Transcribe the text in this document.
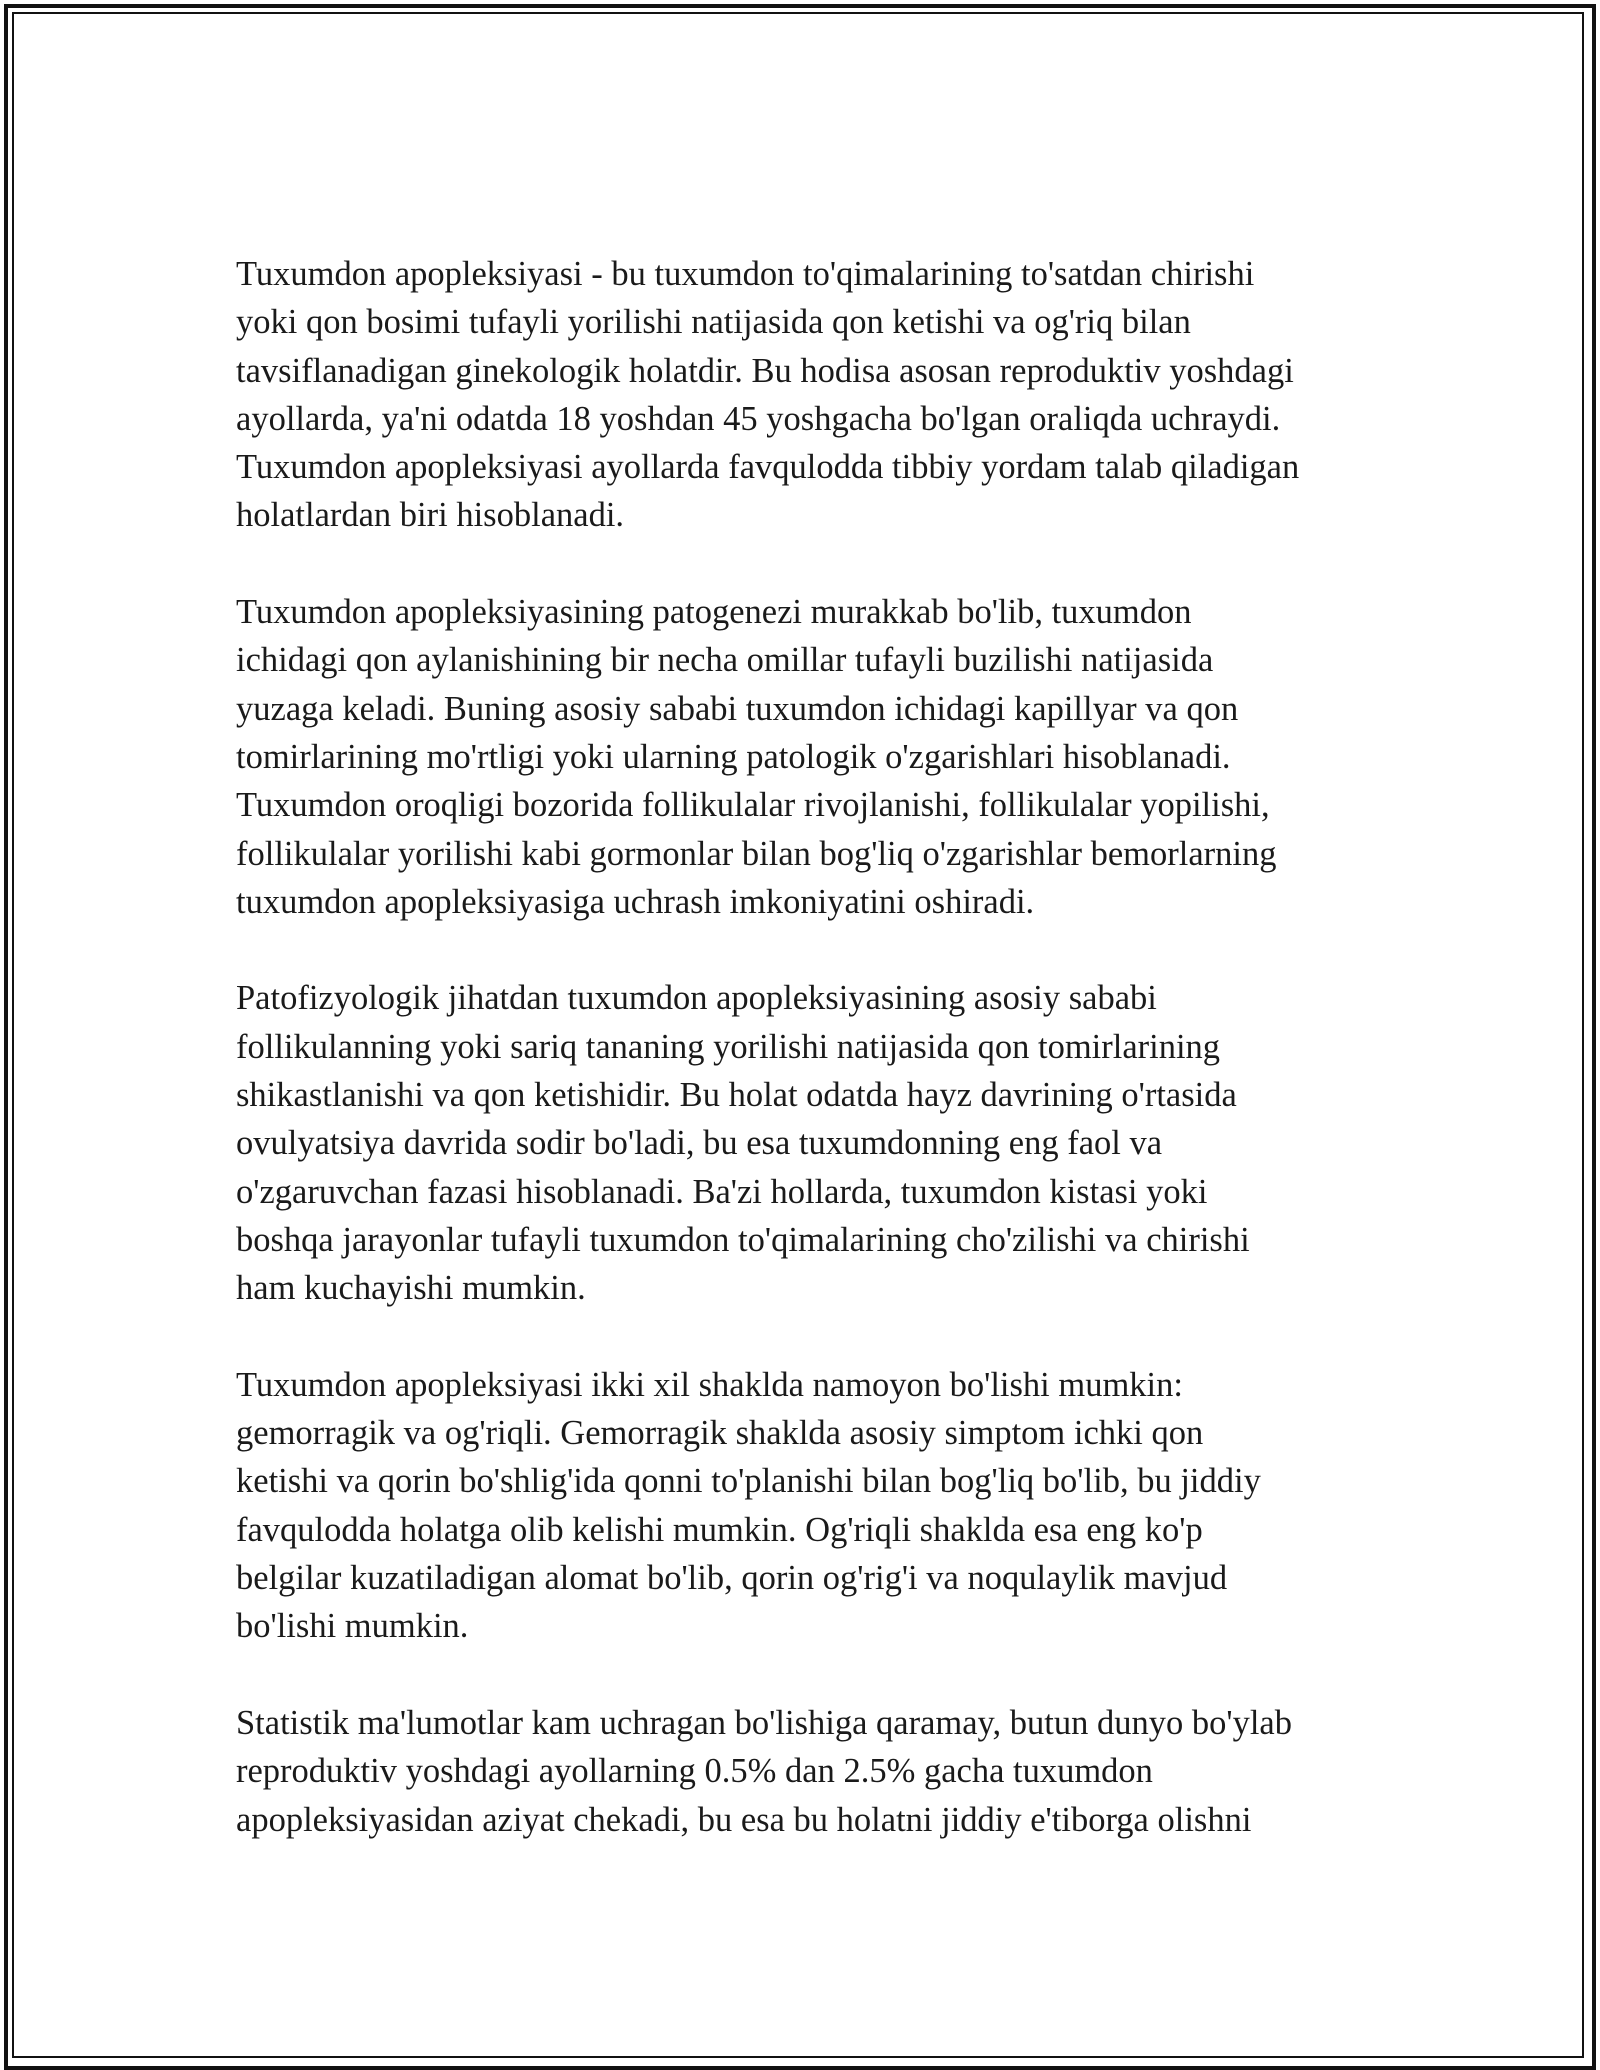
Tuxumdon apopleksiyasi - bu tuxumdon to'qimalarining to'satdan chirishi
yoki qon bosimi tufayli yorilishi natijasida qon ketishi va og'riq bilan
tavsiflanadigan ginekologik holatdir. Bu hodisa asosan reproduktiv yoshdagi
ayollarda, ya'ni odatda 18 yoshdan 45 yoshgacha bo'lgan oraliqda uchraydi.
Tuxumdon apopleksiyasi ayollarda favqulodda tibbiy yordam talab qiladigan
holatlardan biri hisoblanadi.
Tuxumdon apopleksiyasining patogenezi murakkab bo'lib, tuxumdon
ichidagi qon aylanishining bir necha omillar tufayli buzilishi natijasida
yuzaga keladi. Buning asosiy sababi tuxumdon ichidagi kapillyar va qon
tomirlarining mo'rtligi yoki ularning patologik o'zgarishlari hisoblanadi.
Tuxumdon oroqligi bozorida follikulalar rivojlanishi, follikulalar yopilishi,
follikulalar yorilishi kabi gormonlar bilan bog'liq o'zgarishlar bemorlarning
tuxumdon apopleksiyasiga uchrash imkoniyatini oshiradi.
Patofizyologik jihatdan tuxumdon apopleksiyasining asosiy sababi
follikulanning yoki sariq tananing yorilishi natijasida qon tomirlarining
shikastlanishi va qon ketishidir. Bu holat odatda hayz davrining o'rtasida
ovulyatsiya davrida sodir bo'ladi, bu esa tuxumdonning eng faol va
o'zgaruvchan fazasi hisoblanadi. Ba'zi hollarda, tuxumdon kistasi yoki
boshqa jarayonlar tufayli tuxumdon to'qimalarining cho'zilishi va chirishi
ham kuchayishi mumkin.
Tuxumdon apopleksiyasi ikki xil shaklda namoyon bo'lishi mumkin:
gemorragik va og'riqli. Gemorragik shaklda asosiy simptom ichki qon
ketishi va qorin bo'shlig'ida qonni to'planishi bilan bog'liq bo'lib, bu jiddiy
favqulodda holatga olib kelishi mumkin. Og'riqli shaklda esa eng ko'p
belgilar kuzatiladigan alomat bo'lib, qorin og'rig'i va noqulaylik mavjud
bo'lishi mumkin.
Statistik ma'lumotlar kam uchragan bo'lishiga qaramay, butun dunyo bo'ylab
reproduktiv yoshdagi ayollarning 0.5% dan 2.5% gacha tuxumdon
apopleksiyasidan aziyat chekadi, bu esa bu holatni jiddiy e'tiborga olishni
